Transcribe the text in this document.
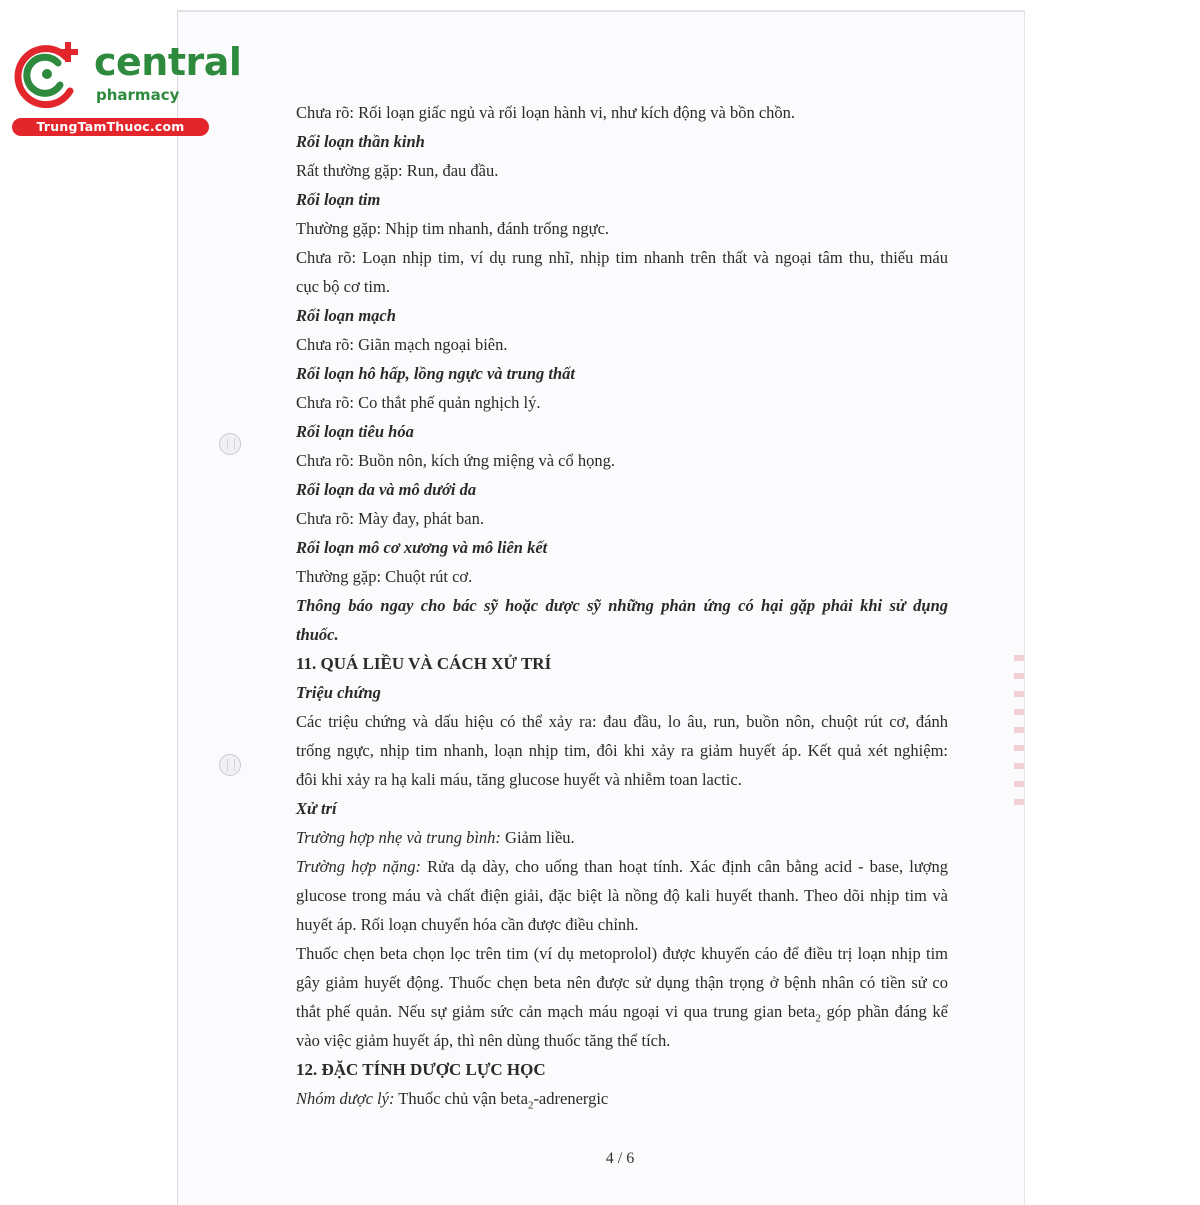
central
pharmacy
TrungTamThuoc.com

Chưa rõ: Rối loạn giấc ngủ và rối loạn hành vi, như kích động và bồn chồn.

Rối loạn thần kinh

Rất thường gặp: Run, đau đầu.

Rối loạn tim

Thường gặp: Nhịp tim nhanh, đánh trống ngực.

Chưa rõ: Loạn nhịp tim, ví dụ rung nhĩ, nhịp tim nhanh trên thất và ngoại tâm thu, thiếu máu

cục bộ cơ tim.

Rối loạn mạch

Chưa rõ: Giãn mạch ngoại biên.

Rối loạn hô hấp, lồng ngực và trung thất

Chưa rõ: Co thắt phế quản nghịch lý.

Rối loạn tiêu hóa

Chưa rõ: Buồn nôn, kích ứng miệng và cổ họng.

Rối loạn da và mô dưới da

Chưa rõ: Mày đay, phát ban.

Rối loạn mô cơ xương và mô liên kết

Thường gặp: Chuột rút cơ.

Thông báo ngay cho bác sỹ hoặc dược sỹ những phản ứng có hại gặp phải khi sử dụng

thuốc.

11. QUÁ LIỀU VÀ CÁCH XỬ TRÍ

Triệu chứng

Các triệu chứng và dấu hiệu có thể xảy ra: đau đầu, lo âu, run, buồn nôn, chuột rút cơ, đánh

trống ngực, nhịp tim nhanh, loạn nhịp tim, đôi khi xảy ra giảm huyết áp. Kết quả xét nghiệm:

đôi khi xảy ra hạ kali máu, tăng glucose huyết và nhiễm toan lactic.

Xử trí

Trường hợp nhẹ và trung bình: Giảm liều.

Trường hợp nặng: Rửa dạ dày, cho uống than hoạt tính. Xác định cân bằng acid - base, lượng

glucose trong máu và chất điện giải, đặc biệt là nồng độ kali huyết thanh. Theo dõi nhịp tim và

huyết áp. Rối loạn chuyển hóa cần được điều chỉnh.

Thuốc chẹn beta chọn lọc trên tim (ví dụ metoprolol) được khuyến cáo để điều trị loạn nhịp tim

gây giảm huyết động. Thuốc chẹn beta nên được sử dụng thận trọng ở bệnh nhân có tiền sử co

thắt phế quản. Nếu sự giảm sức cản mạch máu ngoại vi qua trung gian beta$_2$ góp phần đáng kể

vào việc giảm huyết áp, thì nên dùng thuốc tăng thể tích.

12. ĐẶC TÍNH DƯỢC LỰC HỌC

Nhóm dược lý: Thuốc chủ vận beta$_2$-adrenergic

4 / 6
